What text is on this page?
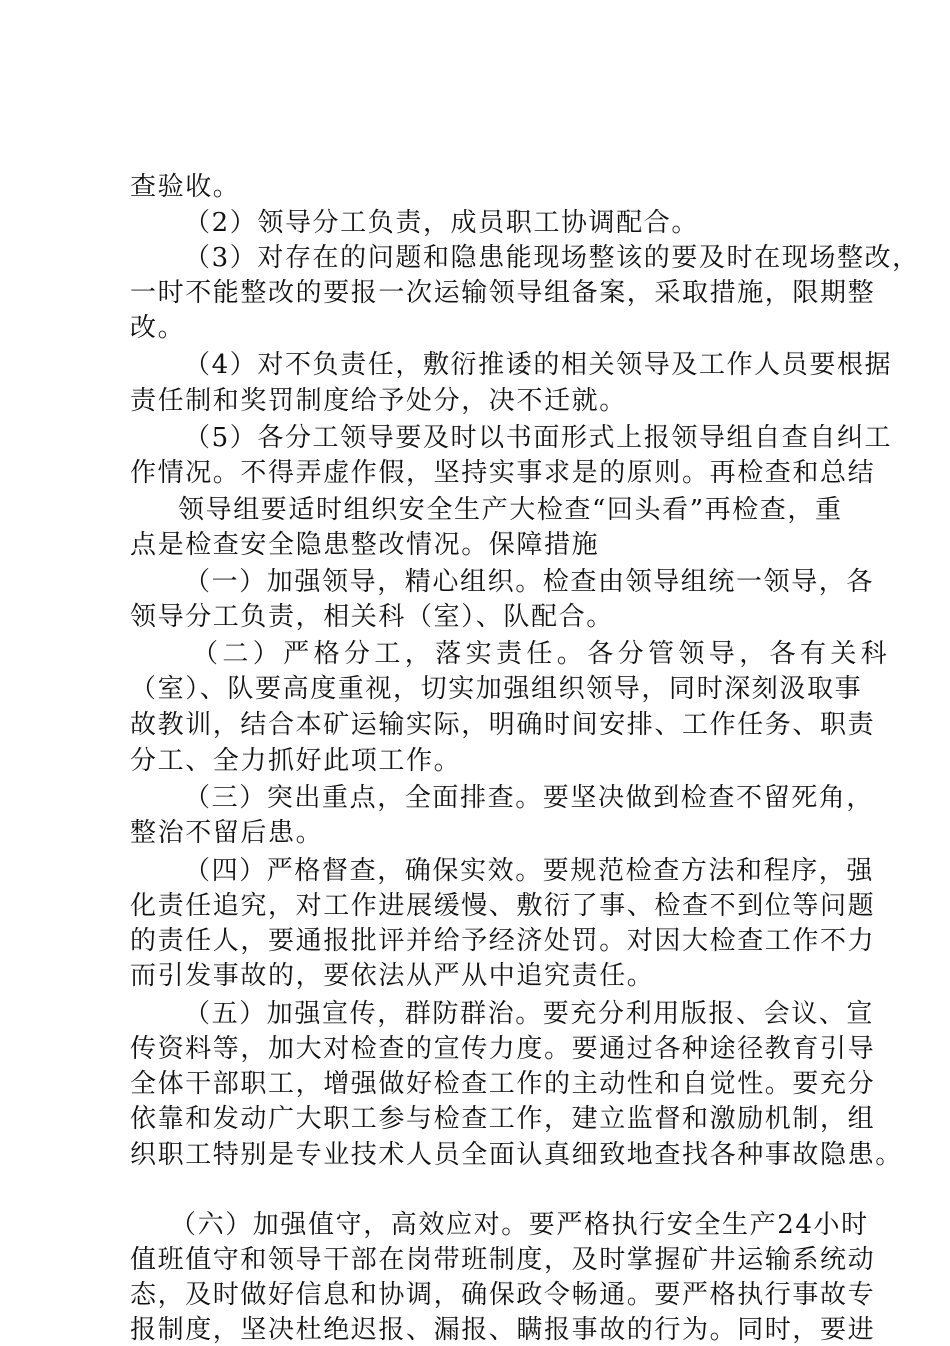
查验收。
（2）领导分工负责，成员职工协调配合。
（3）对存在的问题和隐患能现场整该的要及时在现场整改，
一时不能整改的要报一次运输领导组备案，采取措施，限期整
改。
（4）对不负责任，敷衍推诿的相关领导及工作人员要根据
责任制和奖罚制度给予处分，决不迁就。
（5）各分工领导要及时以书面形式上报领导组自查自纠工
作情况。不得弄虚作假，坚持实事求是的原则。再检查和总结
领导组要适时组织安全生产大检查“回头看”再检查，重
点是检查安全隐患整改情况。保障措施
（一）加强领导，精心组织。检查由领导组统一领导，各
领导分工负责，相关科（室）、队配合。
（二）严格分工，落实责任。各分管领导，各有关科
（室）、队要高度重视，切实加强组织领导，同时深刻汲取事
故教训，结合本矿运输实际，明确时间安排、工作任务、职责
分工、全力抓好此项工作。
（三）突出重点，全面排查。要坚决做到检查不留死角，
整治不留后患。
（四）严格督查，确保实效。要规范检查方法和程序，强
化责任追究，对工作进展缓慢、敷衍了事、检查不到位等问题
的责任人，要通报批评并给予经济处罚。对因大检查工作不力
而引发事故的，要依法从严从中追究责任。
（五）加强宣传，群防群治。要充分利用版报、会议、宣
传资料等，加大对检查的宣传力度。要通过各种途径教育引导
全体干部职工，增强做好检查工作的主动性和自觉性。要充分
依靠和发动广大职工参与检查工作，建立监督和激励机制，组
织职工特别是专业技术人员全面认真细致地查找各种事故隐患。
（六）加强值守，高效应对。要严格执行安全生产24小时
值班值守和领导干部在岗带班制度，及时掌握矿井运输系统动
态，及时做好信息和协调，确保政令畅通。要严格执行事故专
报制度，坚决杜绝迟报、漏报、瞒报事故的行为。同时，要进
